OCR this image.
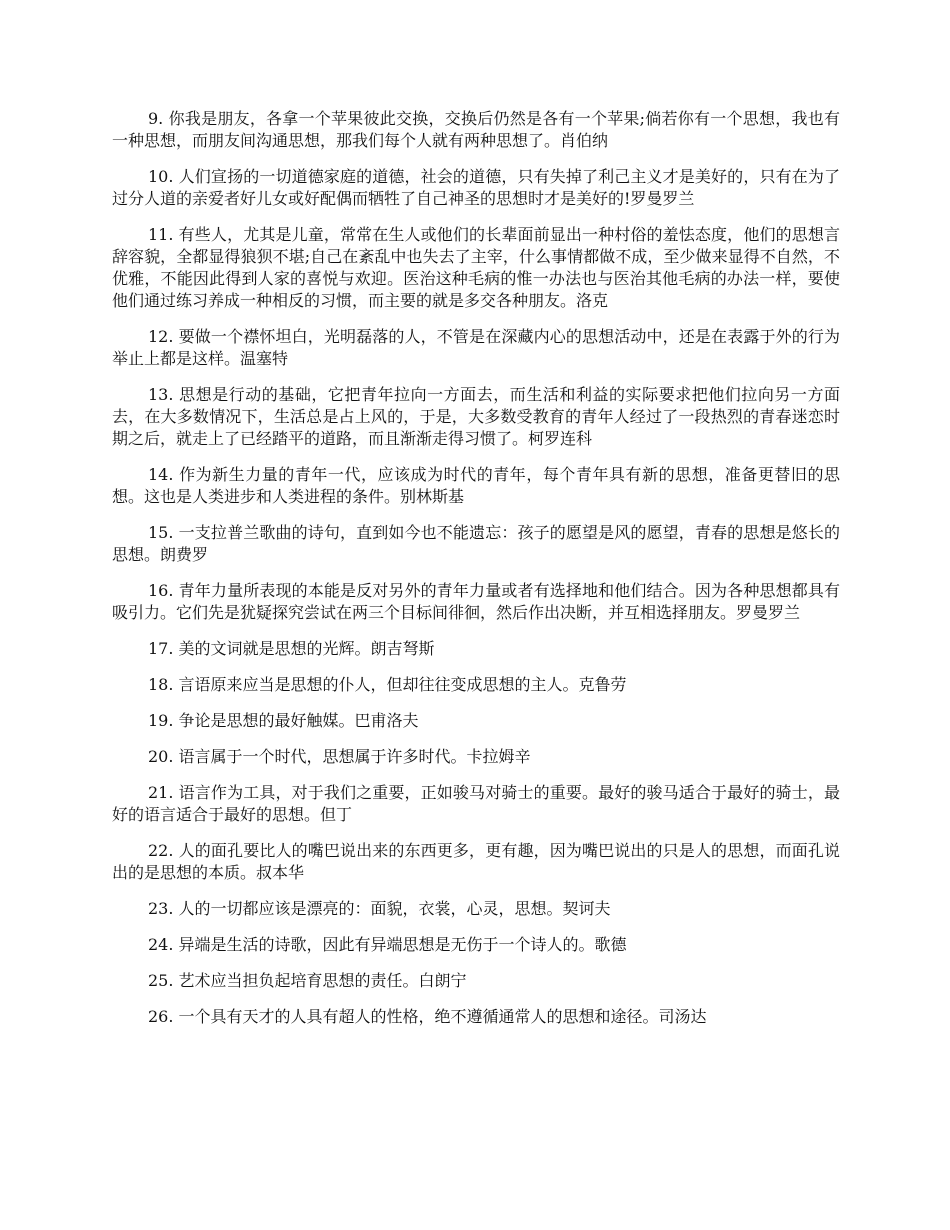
9. 你我是朋友，各拿一个苹果彼此交换，交换后仍然是各有一个苹果;倘若你有一个思想，我也有一种思想，而朋友间沟通思想，那我们每个人就有两种思想了。肖伯纳

10. 人们宣扬的一切道德家庭的道德，社会的道德，只有失掉了利己主义才是美好的，只有在为了过分人道的亲爱者好儿女或好配偶而牺牲了自己神圣的思想时才是美好的!罗曼罗兰

11. 有些人，尤其是儿童，常常在生人或他们的长辈面前显出一种村俗的羞怯态度，他们的思想言辞容貌，全都显得狼狈不堪;自己在紊乱中也失去了主宰，什么事情都做不成，至少做来显得不自然，不优雅，不能因此得到人家的喜悦与欢迎。医治这种毛病的惟一办法也与医治其他毛病的办法一样，要使他们通过练习养成一种相反的习惯，而主要的就是多交各种朋友。洛克

12. 要做一个襟怀坦白，光明磊落的人，不管是在深藏内心的思想活动中，还是在表露于外的行为举止上都是这样。温塞特

13. 思想是行动的基础，它把青年拉向一方面去，而生活和利益的实际要求把他们拉向另一方面去，在大多数情况下，生活总是占上风的，于是，大多数受教育的青年人经过了一段热烈的青春迷恋时期之后，就走上了已经踏平的道路，而且渐渐走得习惯了。柯罗连科

14. 作为新生力量的青年一代，应该成为时代的青年，每个青年具有新的思想，准备更替旧的思想。这也是人类进步和人类进程的条件。别林斯基

15. 一支拉普兰歌曲的诗句，直到如今也不能遗忘：孩子的愿望是风的愿望，青春的思想是悠长的思想。朗费罗

16. 青年力量所表现的本能是反对另外的青年力量或者有选择地和他们结合。因为各种思想都具有吸引力。它们先是犹疑探究尝试在两三个目标间徘徊，然后作出决断，并互相选择朋友。罗曼罗兰

17. 美的文词就是思想的光辉。朗吉弩斯

18. 言语原来应当是思想的仆人，但却往往变成思想的主人。克鲁劳

19. 争论是思想的最好触媒。巴甫洛夫

20. 语言属于一个时代，思想属于许多时代。卡拉姆辛

21. 语言作为工具，对于我们之重要，正如骏马对骑士的重要。最好的骏马适合于最好的骑士，最好的语言适合于最好的思想。但丁

22. 人的面孔要比人的嘴巴说出来的东西更多，更有趣，因为嘴巴说出的只是人的思想，而面孔说出的是思想的本质。叔本华

23. 人的一切都应该是漂亮的：面貌，衣裳，心灵，思想。契诃夫

24. 异端是生活的诗歌，因此有异端思想是无伤于一个诗人的。歌德

25. 艺术应当担负起培育思想的责任。白朗宁

26. 一个具有天才的人具有超人的性格，绝不遵循通常人的思想和途径。司汤达
